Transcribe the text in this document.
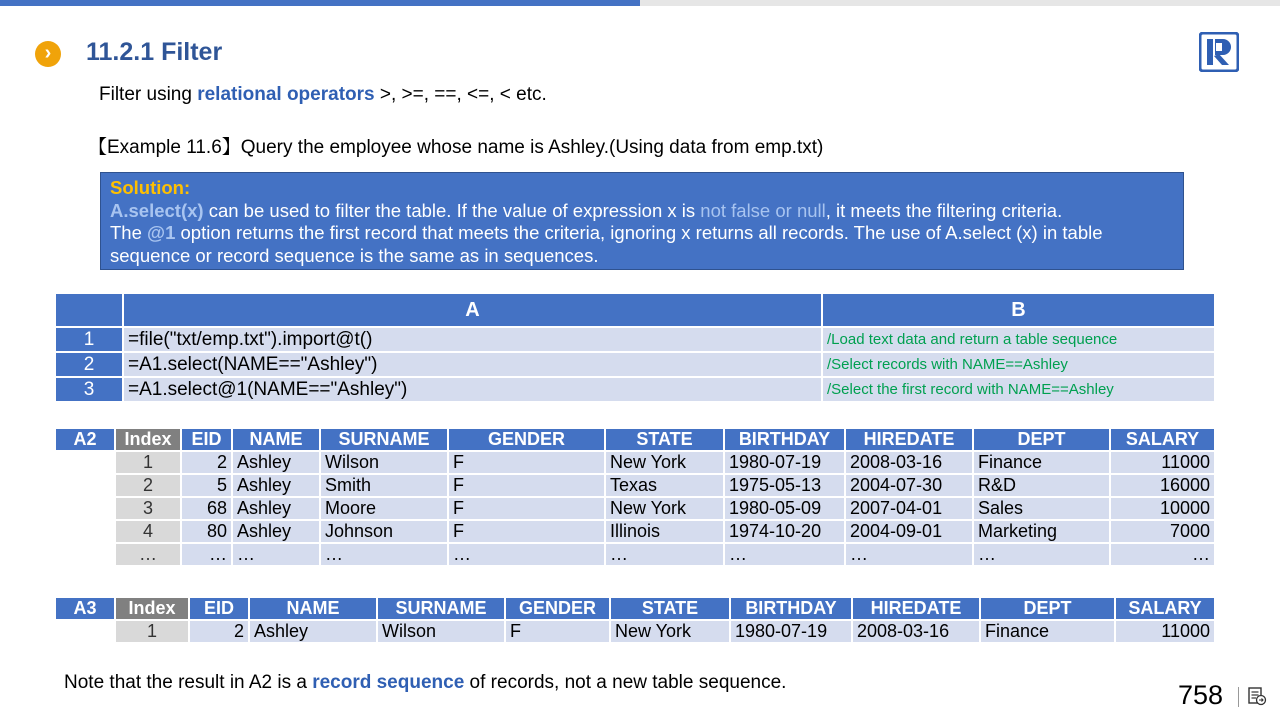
›	11.2.1 Filter
Filter using relational operators >, >=, ==, <=, < etc.
【Example 11.6】Query the employee whose name is Ashley.(Using data from emp.txt)
Solution:
A.select(x) can be used to filter the table. If the value of expression x is not false or null, it meets the filtering criteria.
The @1 option returns the first record that meets the criteria, ignoring x returns all records. The use of A.select (x) in table sequence or record sequence is the same as in sequences.
	A	B
1	=file("txt/emp.txt").import@t()	/Load text data and return a table sequence
2	=A1.select(NAME=="Ashley")	/Select records with NAME==Ashley
3	=A1.select@1(NAME=="Ashley")	/Select the first record with NAME==Ashley
A2	Index	EID	NAME	SURNAME	GENDER	STATE	BIRTHDAY	HIREDATE	DEPT	SALARY
	1	2	Ashley	Wilson	F	New York	1980-07-19	2008-03-16	Finance	11000
	2	5	Ashley	Smith	F	Texas	1975-05-13	2004-07-30	R&D	16000
	3	68	Ashley	Moore	F	New York	1980-05-09	2007-04-01	Sales	10000
	4	80	Ashley	Johnson	F	Illinois	1974-10-20	2004-09-01	Marketing	7000
	…	…	…	…	…	…	…	…	…	…
A3	Index	EID	NAME	SURNAME	GENDER	STATE	BIRTHDAY	HIREDATE	DEPT	SALARY
	1	2	Ashley	Wilson	F	New York	1980-07-19	2008-03-16	Finance	11000
Note that the result in A2 is a record sequence of records, not a new table sequence.	758
